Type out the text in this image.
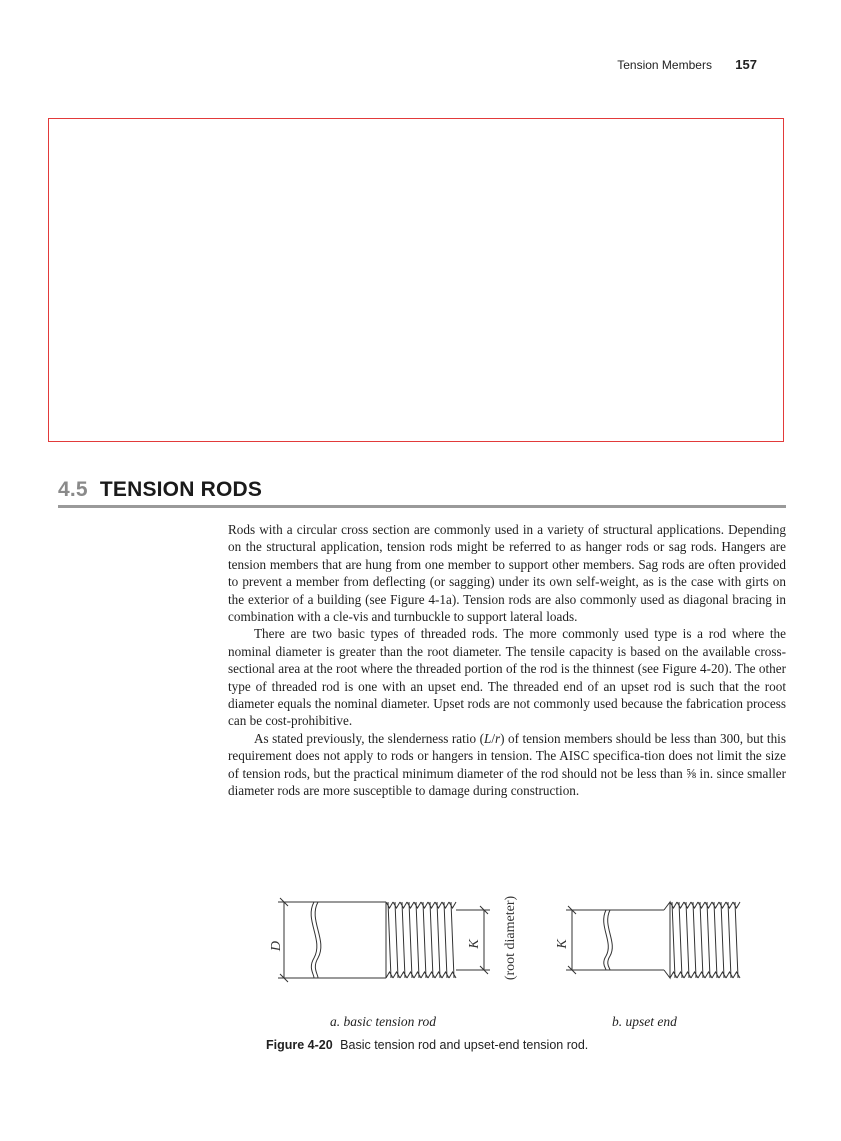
Tension Members 157
4.5 TENSION RODS

Rods with a circular cross section are commonly used in a variety of structural applications. Depending on the structural application, tension rods might be referred to as hanger rods or sag rods. Hangers are tension members that are hung from one member to support other members. Sag rods are often provided to prevent a member from deflecting (or sagging) under its own self-weight, as is the case with girts on the exterior of a building (see Figure 4-1a). Tension rods are also commonly used as diagonal bracing in combination with a cle-vis and turnbuckle to support lateral loads.

There are two basic types of threaded rods. The more commonly used type is a rod where the nominal diameter is greater than the root diameter. The tensile capacity is based on the available cross-sectional area at the root where the threaded portion of the rod is the thinnest (see Figure 4-20). The other type of threaded rod is one with an upset end. The threaded end of an upset rod is such that the root diameter equals the nominal diameter. Upset rods are not commonly used because the fabrication process can be cost-prohibitive.

As stated previously, the slenderness ratio (L/r) of tension members should be less than 300, but this requirement does not apply to rods or hangers in tension. The AISC specifica-tion does not limit the size of tension rods, but the practical minimum diameter of the rod should not be less than ⅝ in. since smaller diameter rods are more susceptible to damage during construction.

D	K (root diameter)	K
a. basic tension rod	b. upset end
Figure 4-20 Basic tension rod and upset-end tension rod.
